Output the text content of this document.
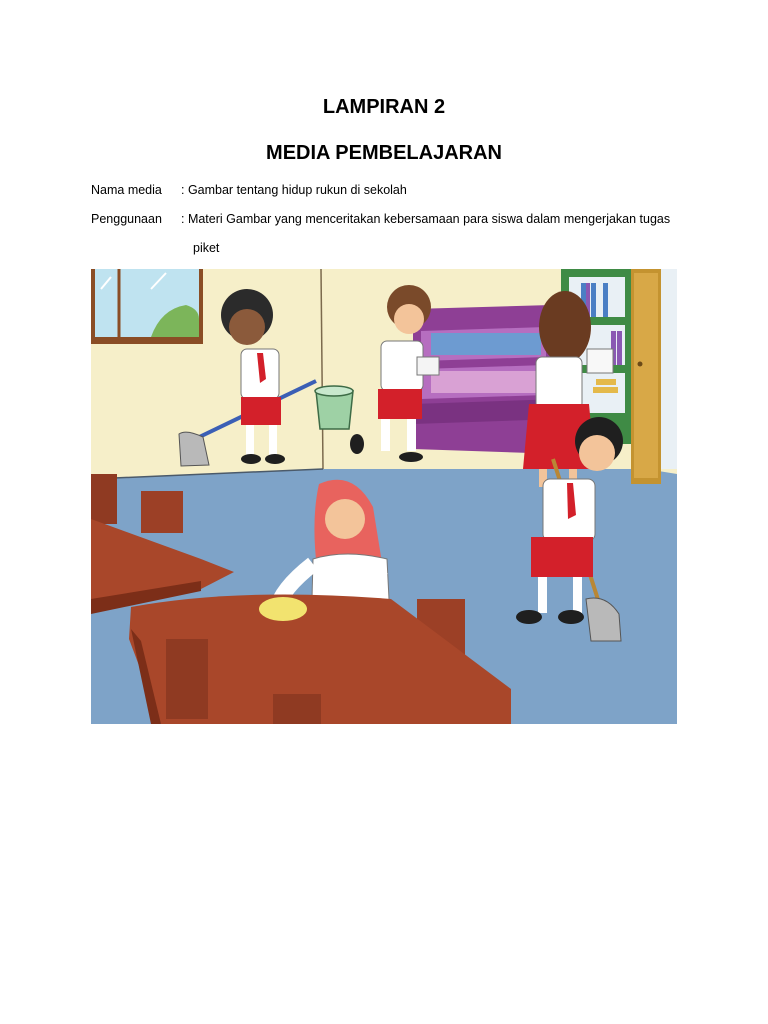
LAMPIRAN 2
MEDIA PEMBELAJARAN
Nama media	: Gambar tentang hidup rukun di sekolah
Penggunaan	: Materi Gambar yang menceritakan kebersamaan para siswa dalam mengerjakan tugas
piket
